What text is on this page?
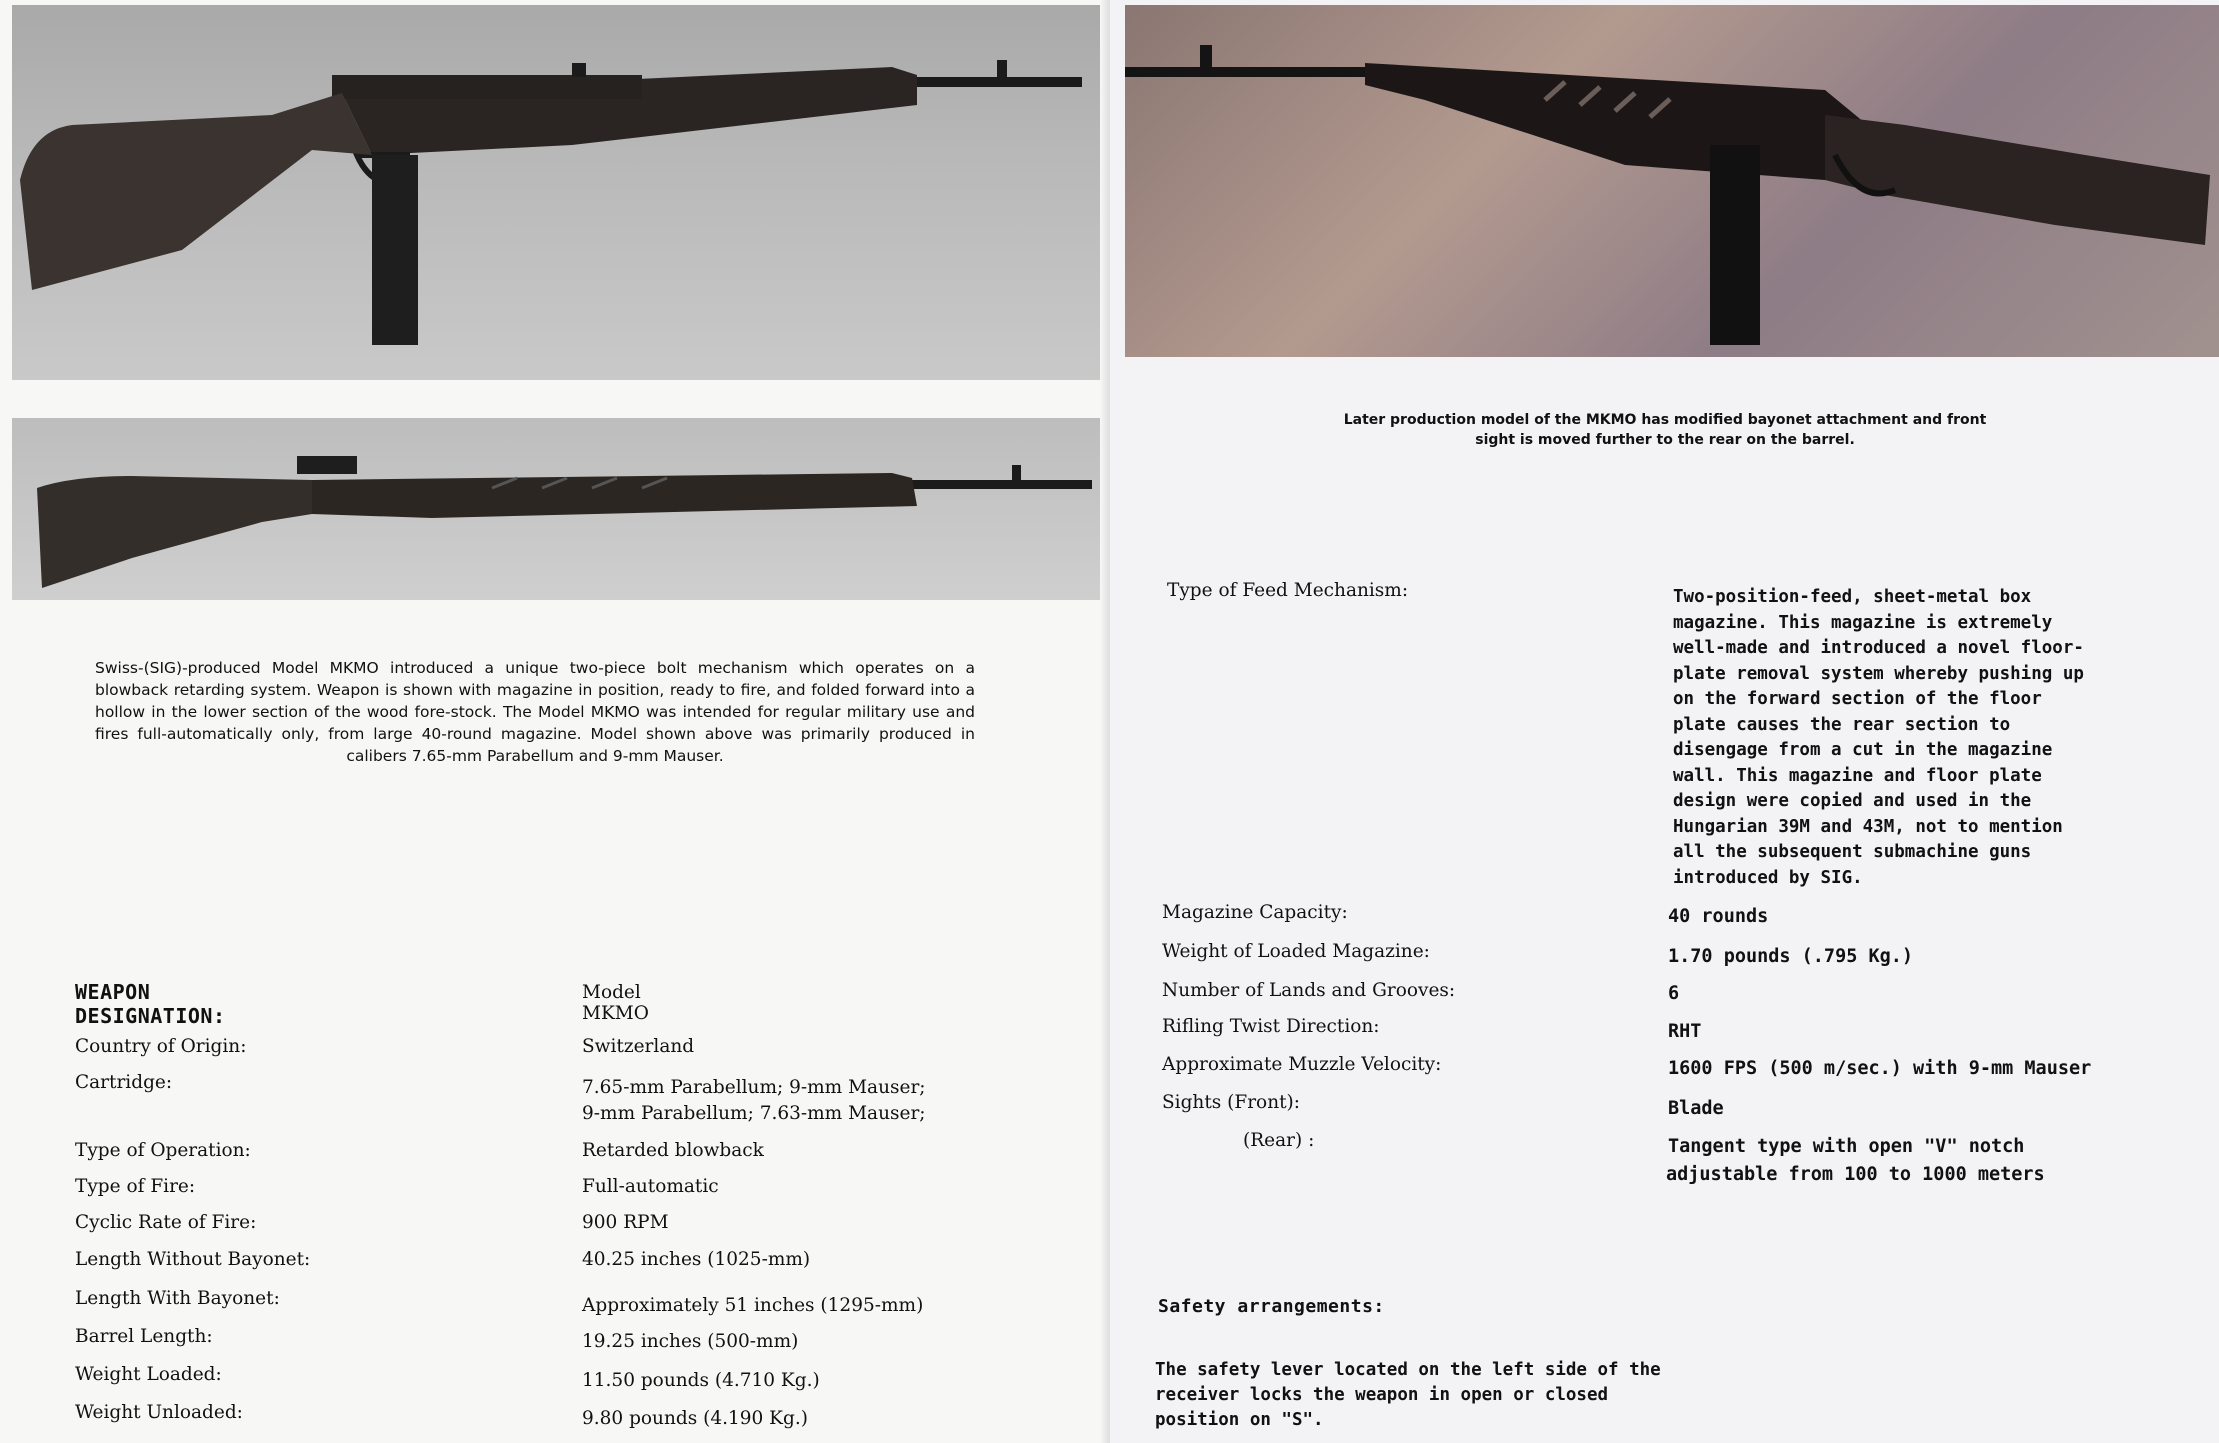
Swiss-(SIG)-produced Model MKMO introduced a unique two-piece bolt mechanism which operates on a blowback retarding system. Weapon is shown with magazine in position, ready to fire, and folded forward into a hollow in the lower section of the wood fore-stock. The Model MKMO was intended for regular military use and fires full-automatically only, from large 40-round magazine. Model shown above was primarily produced in calibers 7.65-mm Parabellum and 9-mm Mauser.
WEAPON DESIGNATION:
Model MKMO
Country of Origin:	Switzerland
Cartridge:	7.65-mm Parabellum; 9-mm Mauser;
9-mm Parabellum; 7.63-mm Mauser;
Type of Operation:	Retarded blowback
Type of Fire:	Full-automatic
Cyclic Rate of Fire:	900 RPM
Length Without Bayonet:	40.25 inches (1025-mm)
Length With Bayonet:	Approximately 51 inches (1295-mm)
Barrel Length:	19.25 inches (500-mm)
Weight Loaded:	11.50 pounds (4.710 Kg.)
Weight Unloaded:	9.80 pounds (4.190 Kg.)
Later production model of the MKMO has modified bayonet attachment and front sight is moved further to the rear on the barrel.
Type of Feed Mechanism:	Two-position-feed, sheet-metal box magazine. This magazine is extremely well-made and introduced a novel floor-plate removal system whereby pushing up on the forward section of the floor plate causes the rear section to disengage from a cut in the magazine wall. This magazine and floor plate design were copied and used in the Hungarian 39M and 43M, not to mention all the subsequent submachine guns introduced by SIG.
Magazine Capacity:	40 rounds
Weight of Loaded Magazine:	1.70 pounds (.795 Kg.)
Number of Lands and Grooves:	6
Rifling Twist Direction:	RHT
Approximate Muzzle Velocity:	1600 FPS (500 m/sec.) with 9-mm Mauser
Sights (Front):	Blade
(Rear) :	Tangent type with open "V" notch
adjustable from 100 to 1000 meters
Safety arrangements:
The safety lever located on the left side of the receiver locks the weapon in open or closed position on "S".
